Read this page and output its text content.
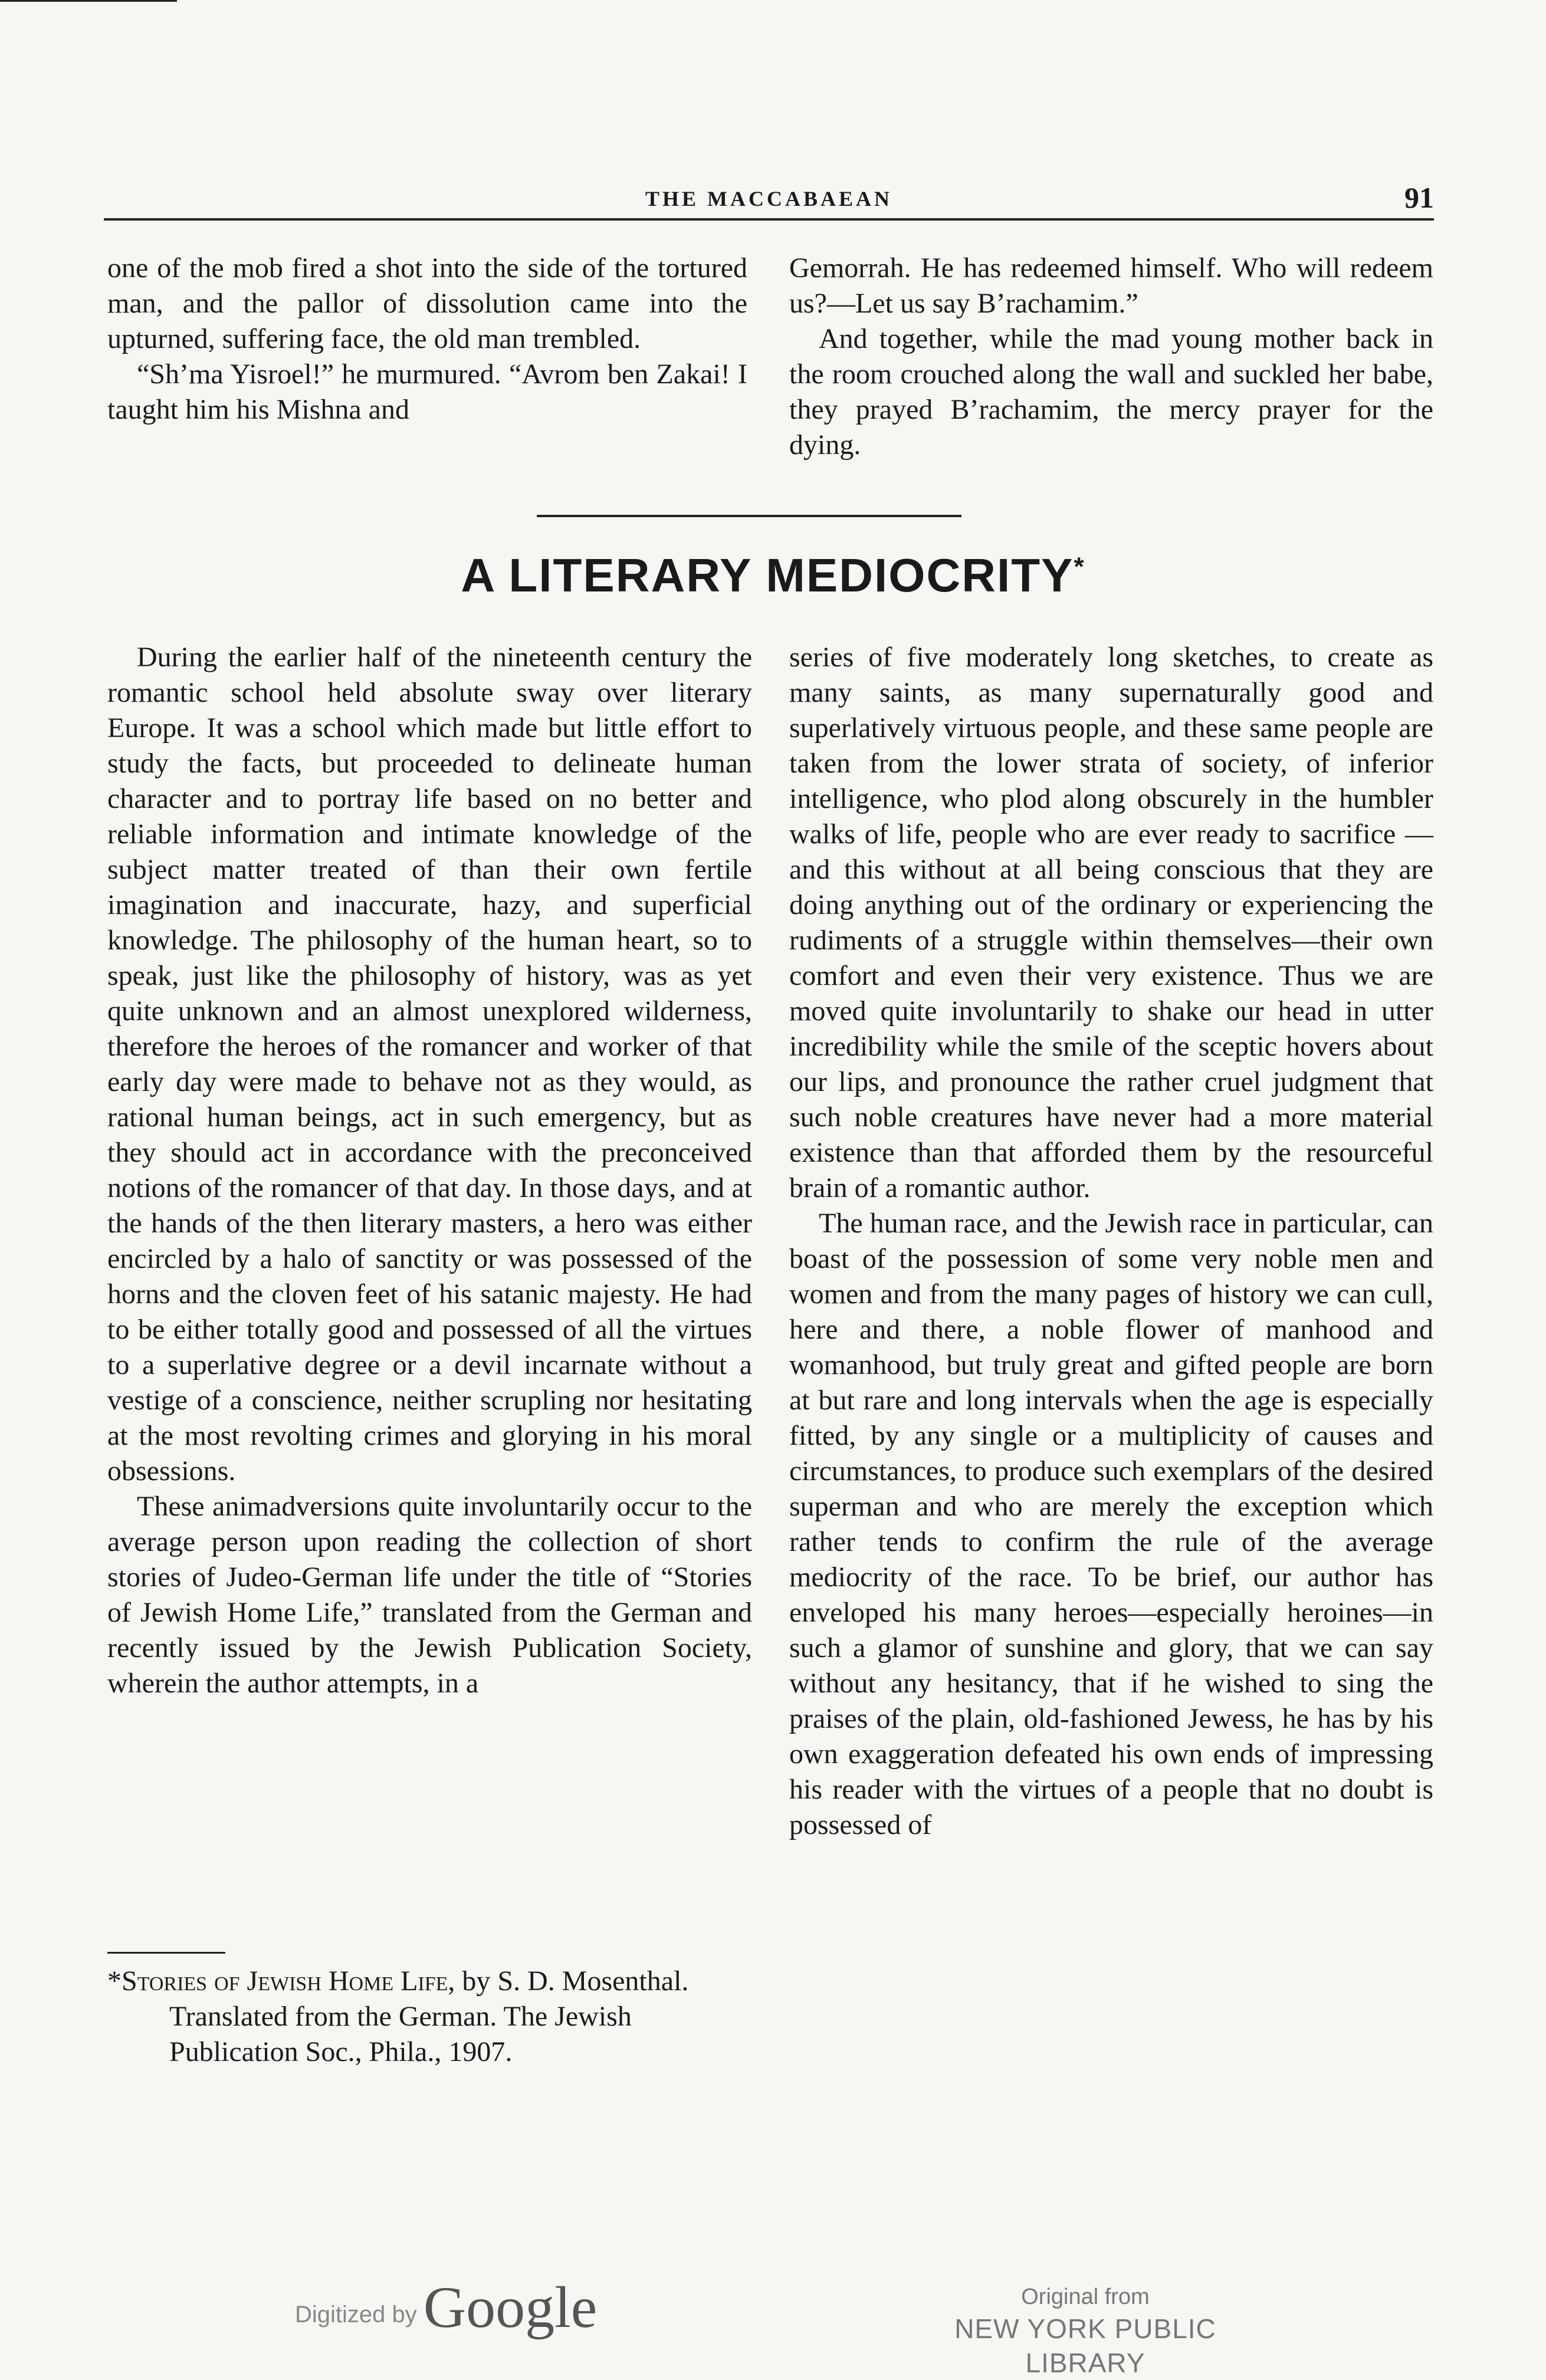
THE MACCABAEAN	91

one of the mob fired a shot into the side of the tortured man, and the pallor of dissolution came into the upturned, suffering face, the old man trembled.

“Sh’ma Yisroel!” he murmured. “Avrom ben Zakai! I taught him his Mishna and

Gemorrah. He has redeemed himself. Who will redeem us?—Let us say B’rachamim.”

And together, while the mad young mother back in the room crouched along the wall and suckled her babe, they prayed B’rachamim, the mercy prayer for the dying.

A LITERARY MEDIOCRITY*

During the earlier half of the nineteenth century the romantic school held absolute sway over literary Europe. It was a school which made but little effort to study the facts, but proceeded to delineate human character and to portray life based on no better and reliable information and intimate knowledge of the subject matter treated of than their own fertile imagination and inaccurate, hazy, and superficial knowledge. The philosophy of the human heart, so to speak, just like the philosophy of history, was as yet quite unknown and an almost unexplored wilderness, therefore the heroes of the romancer and worker of that early day were made to behave not as they would, as rational human beings, act in such emergency, but as they should act in accordance with the preconceived notions of the romancer of that day. In those days, and at the hands of the then literary masters, a hero was either encircled by a halo of sanctity or was possessed of the horns and the cloven feet of his satanic majesty. He had to be either totally good and possessed of all the virtues to a superlative degree or a devil incarnate without a vestige of a conscience, neither scrupling nor hesitating at the most revolting crimes and glorying in his moral obsessions.

These animadversions quite involuntarily occur to the average person upon reading the collection of short stories of Judeo-German life under the title of “Stories of Jewish Home Life,” translated from the German and recently issued by the Jewish Publication Society, wherein the author attempts, in a

series of five moderately long sketches, to create as many saints, as many supernaturally good and superlatively virtuous people, and these same people are taken from the lower strata of society, of inferior intelligence, who plod along obscurely in the humbler walks of life, people who are ever ready to sacrifice —and this without at all being conscious that they are doing anything out of the ordinary or experiencing the rudiments of a struggle within themselves—their own comfort and even their very existence. Thus we are moved quite involuntarily to shake our head in utter incredibility while the smile of the sceptic hovers about our lips, and pronounce the rather cruel judgment that such noble creatures have never had a more material existence than that afforded them by the resourceful brain of a romantic author.

The human race, and the Jewish race in particular, can boast of the possession of some very noble men and women and from the many pages of history we can cull, here and there, a noble flower of manhood and womanhood, but truly great and gifted people are born at but rare and long intervals when the age is especially fitted, by any single or a multiplicity of causes and circumstances, to produce such exemplars of the desired superman and who are merely the exception which rather tends to confirm the rule of the average mediocrity of the race. To be brief, our author has enveloped his many heroes—especially heroines—in such a glamor of sunshine and glory, that we can say without any hesitancy, that if he wished to sing the praises of the plain, old-fashioned Jewess, he has by his own exaggeration defeated his own ends of impressing his reader with the virtues of a people that no doubt is possessed of

*Stories of Jewish Home Life, by S. D. Mosenthal. Translated from the German. The Jewish Publication Soc., Phila., 1907.

Digitized by Google	Original from
NEW YORK PUBLIC LIBRARY
